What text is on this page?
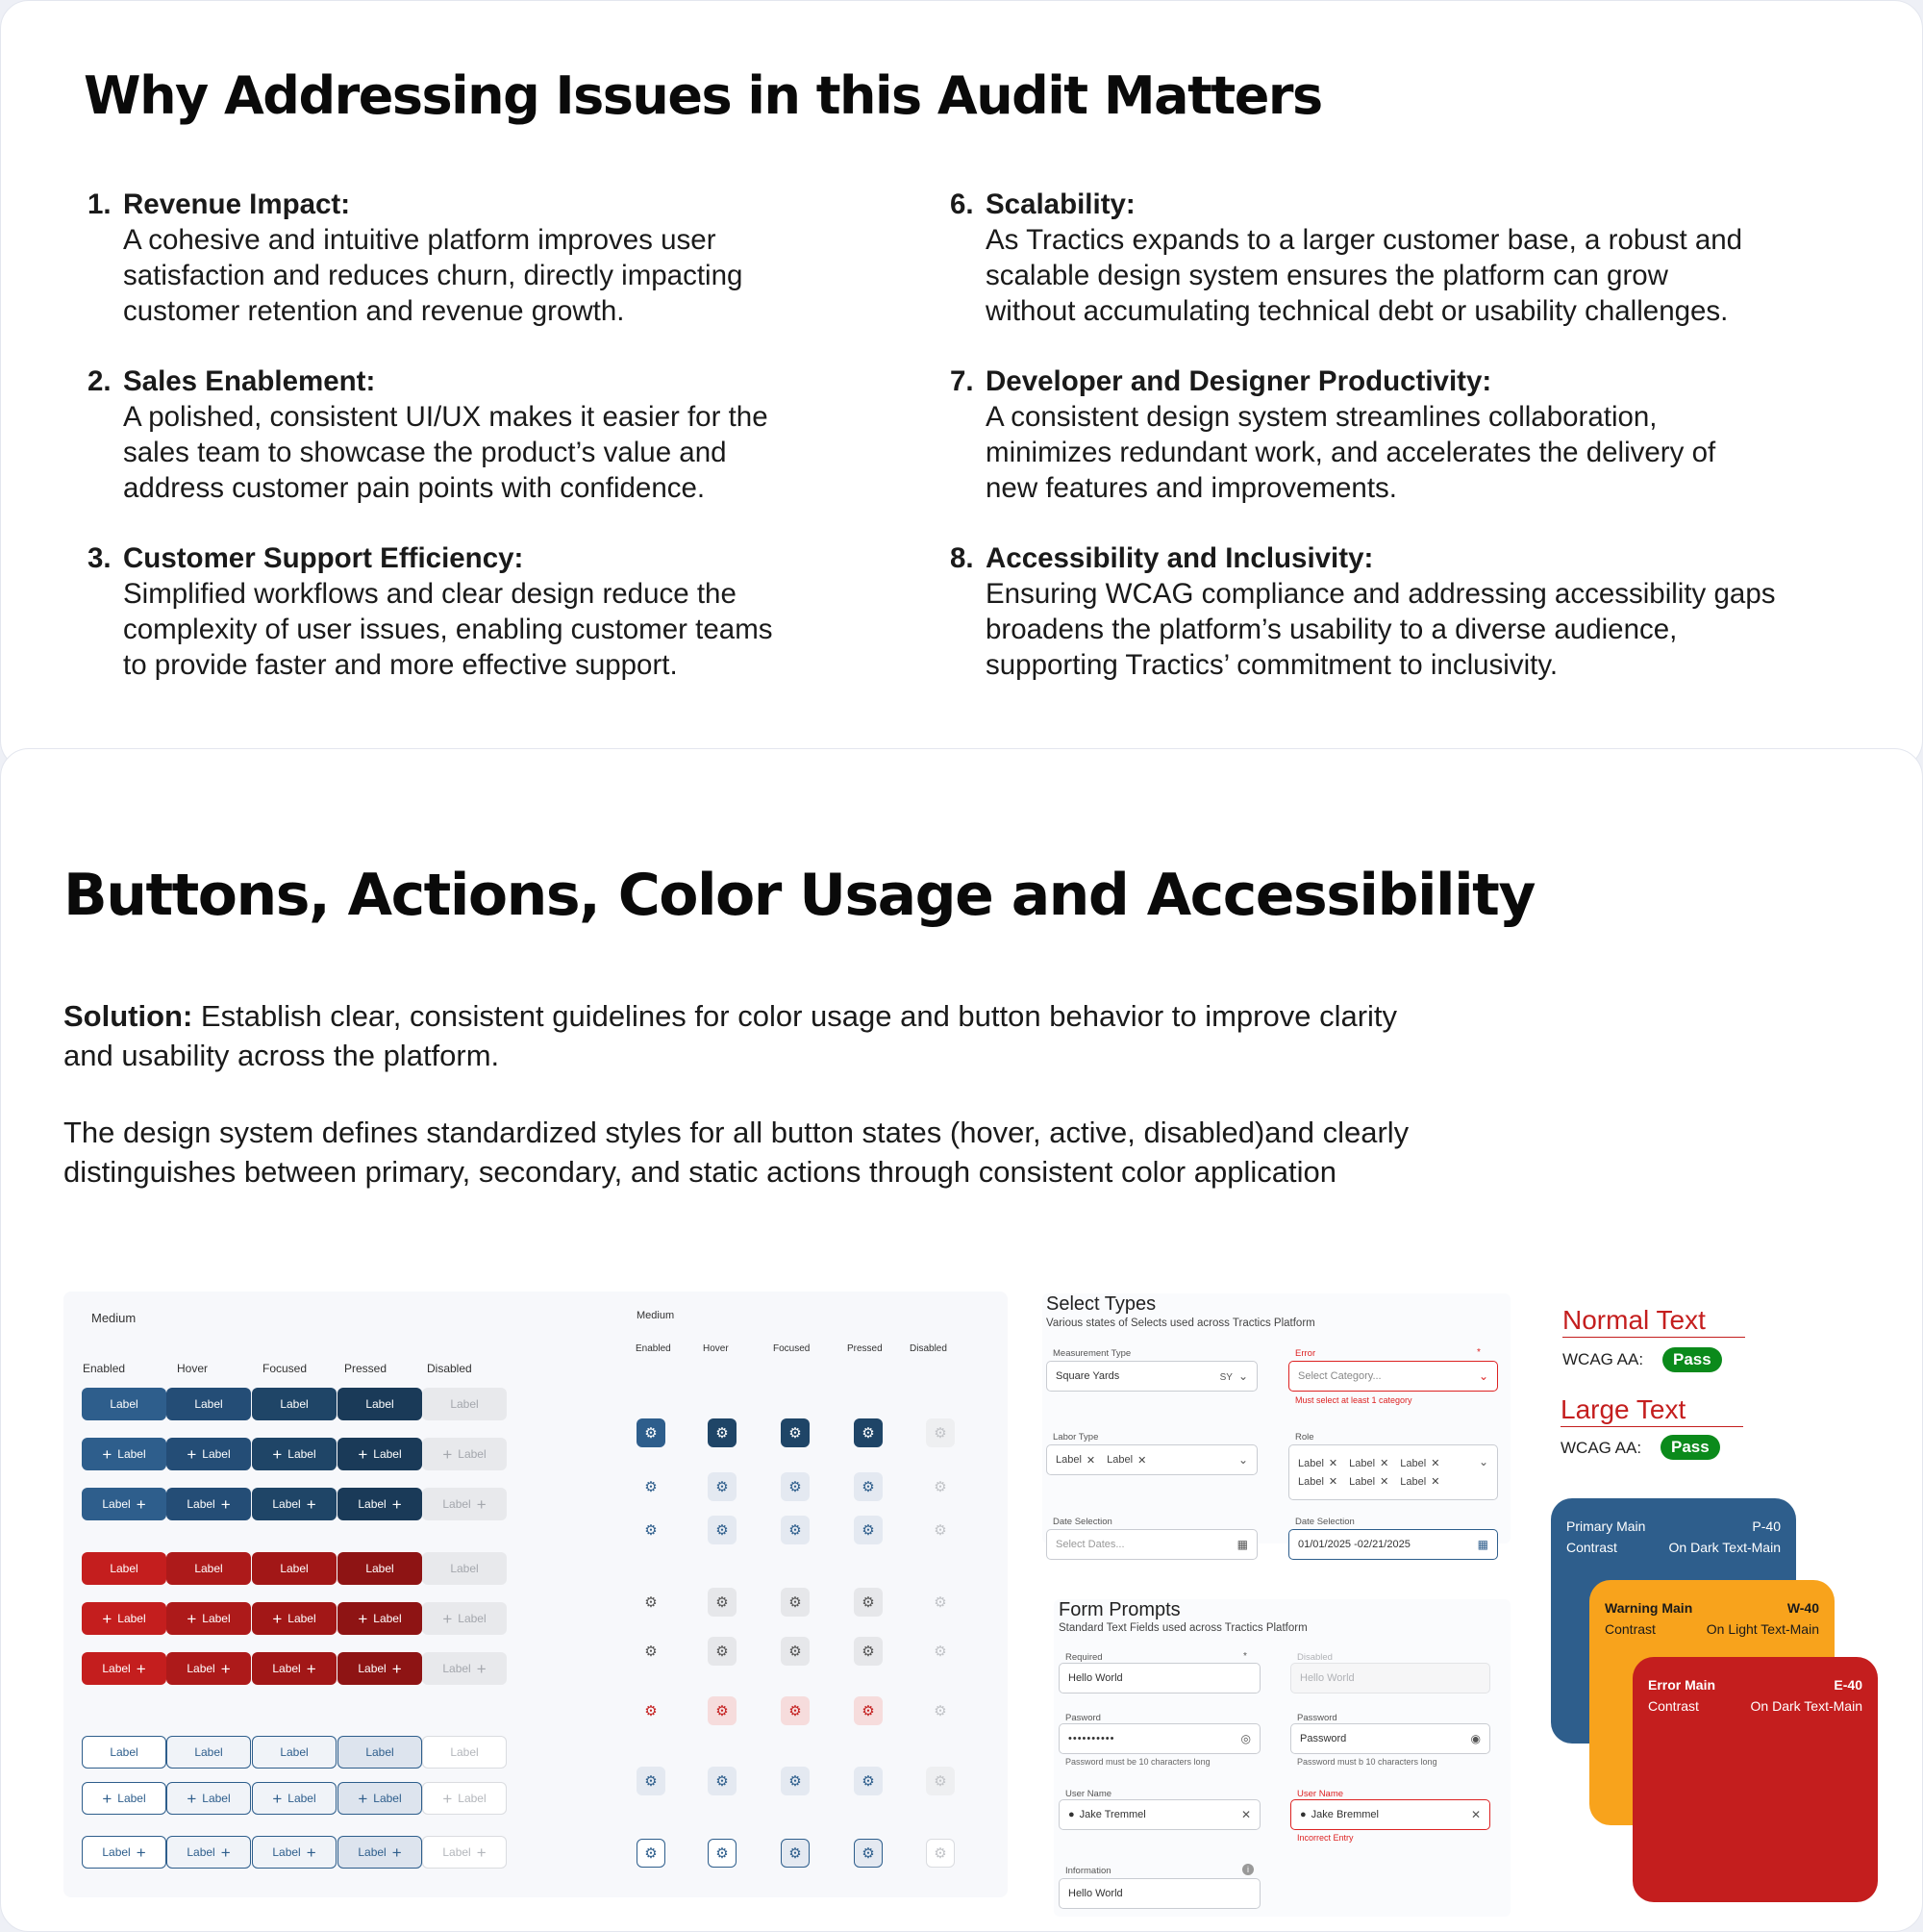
Why Addressing Issues in this Audit Matters
1. Revenue Impact:
A cohesive and intuitive platform improves user
satisfaction and reduces churn, directly impacting
customer retention and revenue growth.
2. Sales Enablement:
A polished, consistent UI/UX makes it easier for the
sales team to showcase the product’s value and
address customer pain points with confidence.
3. Customer Support Efficiency:
Simplified workflows and clear design reduce the
complexity of user issues, enabling customer teams
to provide faster and more effective support.
6. Scalability:
As Tractics expands to a larger customer base, a robust and
scalable design system ensures the platform can grow
without accumulating technical debt or usability challenges.
7. Developer and Designer Productivity:
A consistent design system streamlines collaboration,
minimizes redundant work, and accelerates the delivery of
new features and improvements.
8. Accessibility and Inclusivity:
Ensuring WCAG compliance and addressing accessibility gaps
broadens the platform’s usability to a diverse audience,
supporting Tractics’ commitment to inclusivity.
Buttons, Actions, Color Usage and Accessibility

Solution: Establish clear, consistent guidelines for color usage and button behavior to improve clarity and usability across the platform.

The design system defines standardized styles for all button states (hover, active, disabled)and clearly distinguishes between primary, secondary, and static actions through consistent color application

Medium	Medium
Enabled	Hover	Focused	Pressed	Disabled
Enabled	Hover	Focused	Pressed	Disabled
Label	Label	Label	Label	Label
+ Label	+ Label	+ Label	+ Label	+ Label
Label +	Label +	Label +	Label +	Label +
Label	Label	Label	Label	Label
+ Label	+ Label	+ Label	+ Label	+ Label
Label +	Label +	Label +	Label +	Label +
Label	Label	Label	Label	Label
+ Label	+ Label	+ Label	+ Label	+ Label
Label +	Label +	Label +	Label +	Label +
⚙	⚙	⚙	⚙	⚙
⚙	⚙	⚙	⚙	⚙
⚙	⚙	⚙	⚙	⚙
⚙	⚙	⚙	⚙	⚙
⚙	⚙	⚙	⚙	⚙
⚙	⚙	⚙	⚙	⚙
⚙	⚙	⚙	⚙	⚙
⚙	⚙	⚙	⚙	⚙
Select Types
Various states of Selects used across Tractics Platform
Measurement Type
Square Yards	SY ⌄
Error	*
Select Category...	⌄
Must select at least 1 category
Labor Type
Label ✕ Label ✕	⌄
Role
Label ✕ Label ✕ Label ✕
Label ✕ Label ✕ Label ✕
⌄
Date Selection
Select Dates...	▦
Date Selection
01/01/2025 -02/21/2025	▦
Form Prompts
Standard Text Fields used across Tractics Platform
Required	*
Hello World
Disabled
Hello World
Pasword
••••••••••	◎
Password must be 10 characters long
Password
Password	◉
Password must b 10 characters long
User Name
● Jake Tremmel	✕
User Name
● Jake Bremmel	✕
Incorrect Entry
Information	i
Hello World
Normal Text
WCAG AA:	Pass
Large Text
WCAG AA:	Pass
Primary Main	P-40
Contrast	On Dark Text-Main
Warning Main	W-40
Contrast	On Light Text-Main
Error Main	E-40
Contrast	On Dark Text-Main
